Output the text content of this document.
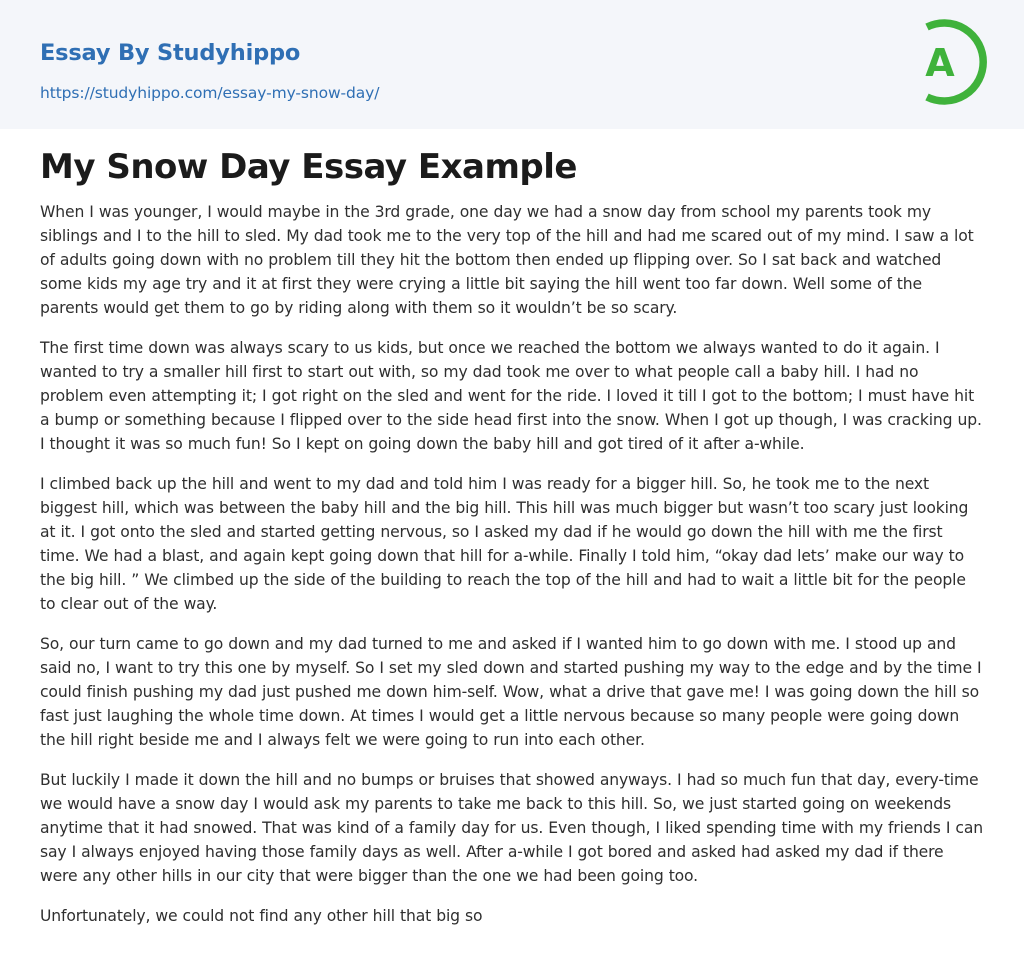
Essay By Studyhippo
https://studyhippo.com/essay-my-snow-day/
A
My Snow Day Essay Example

When I was younger, I would maybe in the 3rd grade, one day we had a snow day from school my parents took my siblings and I to the hill to sled. My dad took me to the very top of the hill and had me scared out of my mind. I saw a lot of adults going down with no problem till they hit the bottom then ended up flipping over. So I sat back and watched some kids my age try and it at first they were crying a little bit saying the hill went too far down. Well some of the parents would get them to go by riding along with them so it wouldn’t be so scary.

The first time down was always scary to us kids, but once we reached the bottom we always wanted to do it again. I wanted to try a smaller hill first to start out with, so my dad took me over to what people call a baby hill. I had no problem even attempting it; I got right on the sled and went for the ride. I loved it till I got to the bottom; I must have hit a bump or something because I flipped over to the side head first into the snow. When I got up though, I was cracking up. I thought it was so much fun! So I kept on going down the baby hill and got tired of it after a-while.

I climbed back up the hill and went to my dad and told him I was ready for a bigger hill. So, he took me to the next biggest hill, which was between the baby hill and the big hill. This hill was much bigger but wasn’t too scary just looking at it. I got onto the sled and started getting nervous, so I asked my dad if he would go down the hill with me the first time. We had a blast, and again kept going down that hill for a-while. Finally I told him, “okay dad lets’ make our way to the big hill. ” We climbed up the side of the building to reach the top of the hill and had to wait a little bit for the people to clear out of the way.

So, our turn came to go down and my dad turned to me and asked if I wanted him to go down with me. I stood up and said no, I want to try this one by myself. So I set my sled down and started pushing my way to the edge and by the time I could finish pushing my dad just pushed me down him-self. Wow, what a drive that gave me! I was going down the hill so fast just laughing the whole time down. At times I would get a little nervous because so many people were going down the hill right beside me and I always felt we were going to run into each other.

But luckily I made it down the hill and no bumps or bruises that showed anyways. I had so much fun that day, every-time we would have a snow day I would ask my parents to take me back to this hill. So, we just started going on weekends anytime that it had snowed. That was kind of a family day for us. Even though, I liked spending time with my friends I can say I always enjoyed having those family days as well. After a-while I got bored and asked had asked my dad if there were any other hills in our city that were bigger than the one we had been going too.

Unfortunately, we could not find any other hill that big so
